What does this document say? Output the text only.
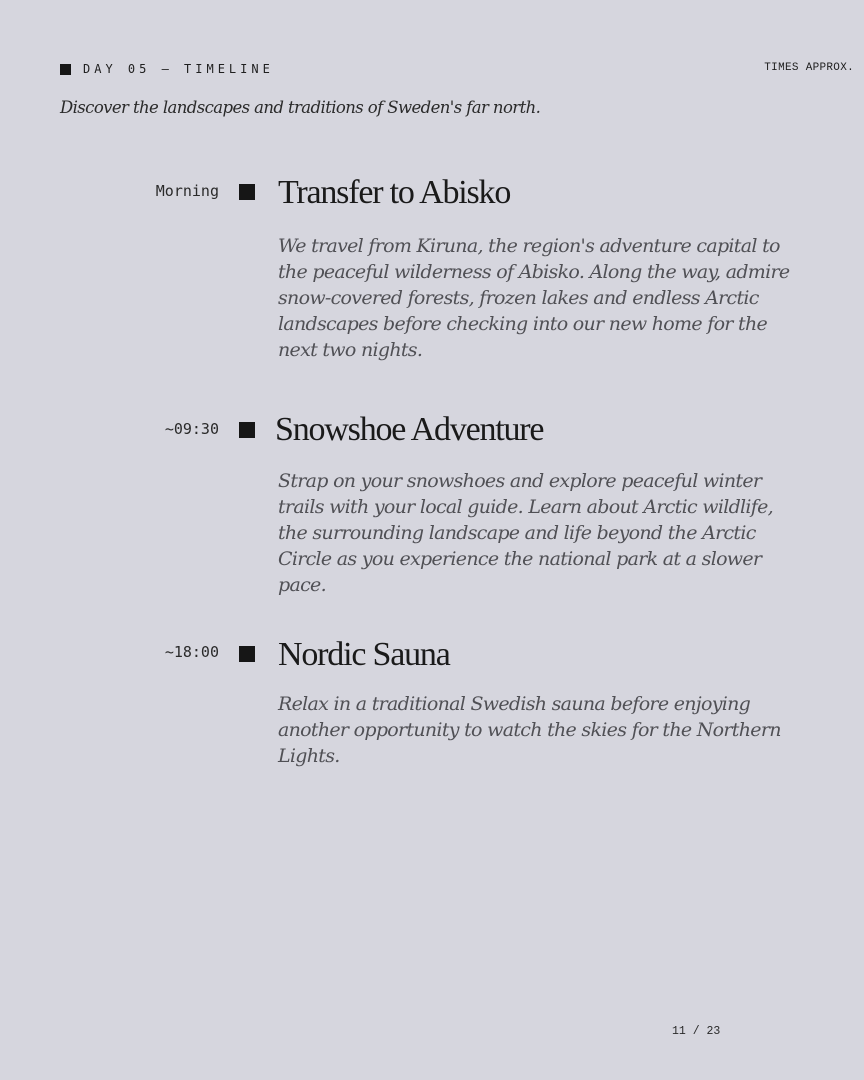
DAY 05 — TIMELINE	TIMES APPROX.
Discover the landscapes and traditions of Sweden's far north.
Morning Transfer to Abisko

We travel from Kiruna, the region's adventure capital to the peaceful wilderness of Abisko. Along the way, admire snow-covered forests, frozen lakes and endless Arctic landscapes before checking into our new home for the next two nights.

~09:30 Snowshoe Adventure

Strap on your snowshoes and explore peaceful winter trails with your local guide. Learn about Arctic wildlife, the surrounding landscape and life beyond the Arctic Circle as you experience the national park at a slower pace.

~18:00 Nordic Sauna

Relax in a traditional Swedish sauna before enjoying another opportunity to watch the skies for the Northern Lights.

11 / 23
